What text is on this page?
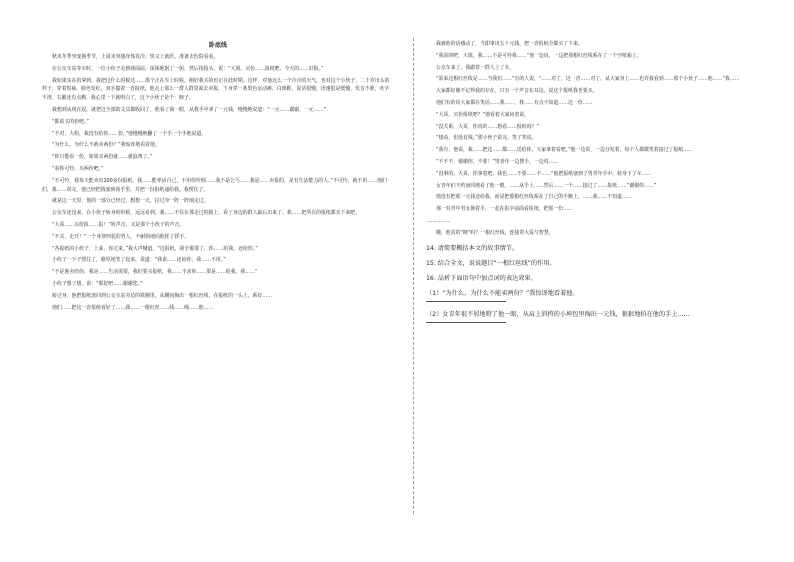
卧底线

秋末冬季突变换季节，上周末突感身体发冷，快又上就医，准备去医院看看。

在公交车站等车时，一位小伙子走到我面前，深深地躬了一躬，然后指指头，说：“大姐，买份……报纸吧，今天的……好报。”

我如果实在的拿到，我把这什么时候这……那个正在车上时候，刚好我买的也正在此时期。这样，对他这么一个冷冷的天气，也对这个小伙子，二十岁出头的样子，穿着短袖，脸色发红，双手揣着一沓报纸。他走上那么一群人群里面去卖报，下身穿一条黑色运动裤，白球鞋，说话很慢，语速很是缓慢，发音不准，吐字不清，右腿还有点瘸，我心里一下就明白了，这个小伙子是个：瞎子。

我想到从现在起，就把这全部的文具都收回了，他看了我一眼，从我手中拿了一元钱，慢慢地说道：“一元……谢谢，一元……”

“都说买的份吧。”

“不对，大姐，我没有给你……份。”他慢慢地翻了一个手一个手地说道。

“为什么，为什么不就卖两份？”我惊讶地看着他。

“你只能看一份，如果买两份就……就浪费了。”

“看你可怜，买两份吧。”

“不可怜，我每天能卖出100多份报纸，我……能养活自己，不用你怜悯……我不是乞丐……我是……卖报的，是有生活能力的人。”不可怜，就不用……他们们，我……说完，他已经把钱塞到我手里，并把一份报纸递给我。我愣住了。

就是这一天里，他的一部分已经过，想想一天，拉过身一阵一阵地走过。

公交车还没来，在小伙子转身的时候，远远看到，我……不住在那走过的路上，看了身边的群人最后出来了。我……把所有的报纸都买下来吧。

“大哥……买份报……报！”听声音，又是那个小伙子的声音。

“不买，走开！”一个身穿西装的男人，不耐烦地向他挥了挥手。

“各报纸的小伙子，上来，你过来。”我大声喊道，“这报纸，我全都要了，你……给我，还给你。”

小伙子一下子愣住了，憨厚地笑了起来，说道：“我说……还给你，我……不用。”

“不是施舍给你，我是……生活需要，我们要买报纸，我……不求你……要是……给我，我……”

小伙子想了想，说：“那好吧……谢谢您。”

转过身，他把报纸放回到公交车站旁边的铁桶里，从腰间掏出一根红丝线，在报纸的一头上，系好……

他们……把这一沓报纸看好了……我……一根红丝……线……绳……他……

我被他的话感动了，当即拿出五十元钱，把一沓报纸全都买了下来。

“我说的吧，大姐，我……不是可怜我……”他一边说，一边把那根红丝线系在了一个空纸箱上。

公交车来了，我跟着一群人上了车。

“原来这根红丝线是……当我们……”有的人说，“……对了，这一沓……对了，从大家身上……也许我看到……那个小伙子……他……”我……

大家都好像不记得我的存在，只有一个声音在耳边，说这个报纸我也要买。

他们有的说大家都在笑话……我……，我……有点不知道……这一份……

“大哥，买份报纸吧？”他看着大家问着说。

“没关系，大哥，你真的……想看……报纸吗？”

“想看，但没有钱。”那小伙子说完，笑了笑说。

“我有，他说，我……把这……都……送给你，大家拿着看吧。”他一边说，一边分发着，每个人都微笑着接过了报纸……

“不不不，谢谢你，不要！”男青年一边摆手，一边说……

“没事的，大哥，你拿着吧，我也……不要……不……”他把报纸塞到了男青年手中，转身下了车……

女青年们不约而同地看了他一眼，……从手上……然后……一个……接过了……报纸……“谢谢你……”

他没有把那一元钱还给我，而是把那根红丝线系在了自己的手腕上，……我……不知道……

那一对青年男女挽着手，一起在报亭前面看报纸，把那一份……

……………

哦，他真的“瞎”吗？一根红丝线，连接着大爱与智慧。

14. 请简要概括本文的故事情节。
15. 结合全文，说说题目“一根红丝线”的作用。
16. 品析下面语句中加点词的表达效果。
（1）“为什么，为什么不能卖两份？”我惊讶地看着他。
（2）女青年很不屑地瞪了他一眼，从肩上斜挎的小坤包里掏出一元钱，狠狠地拍在他的手上……
